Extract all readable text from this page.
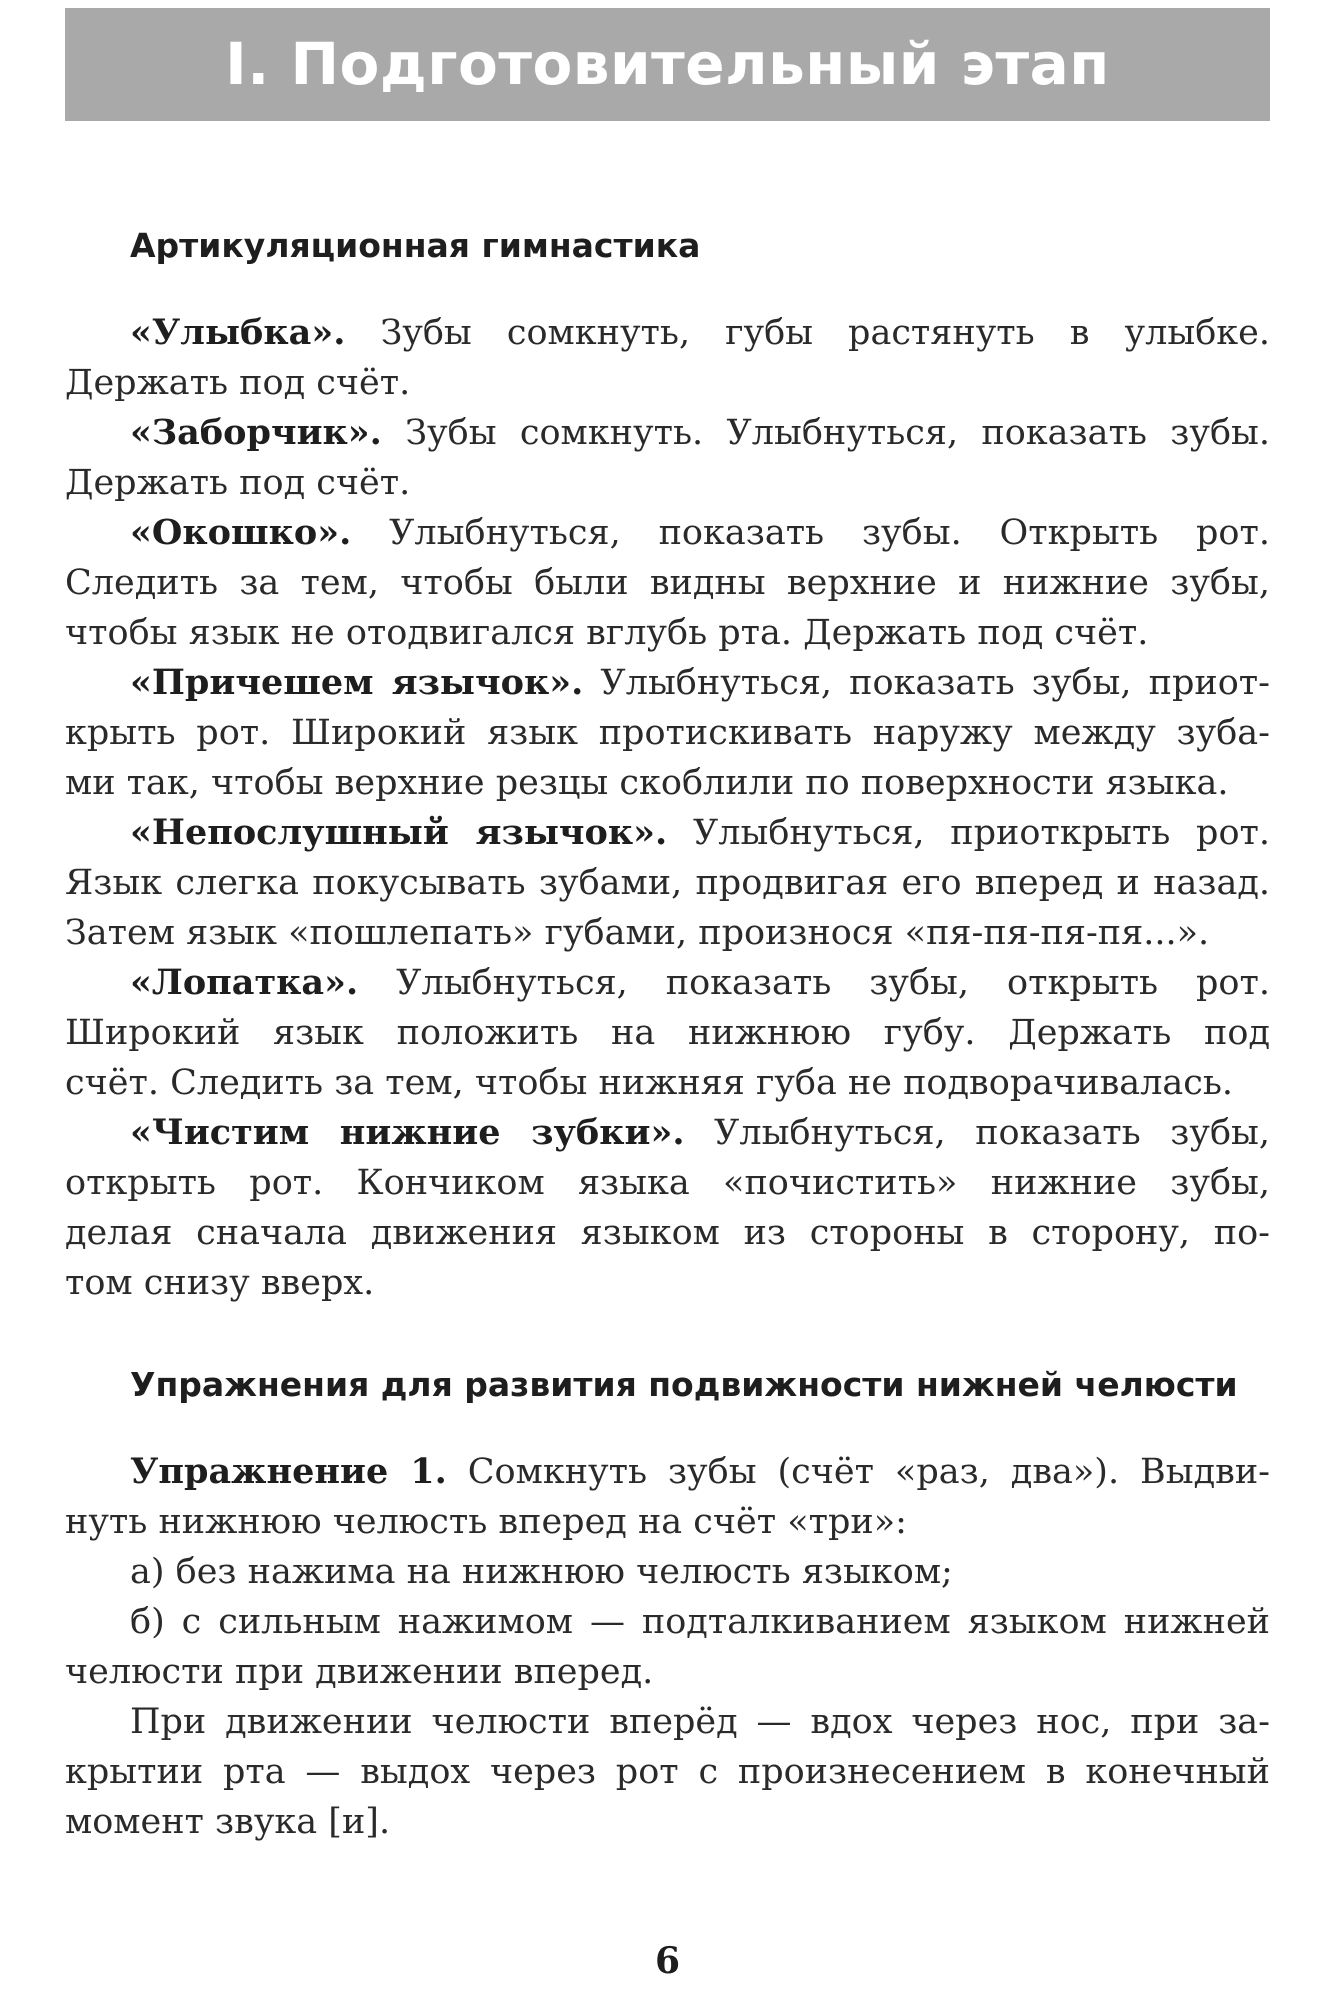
I. Подготовительный этап
Артикуляционная гимнастика
«Улыбка». Зубы сомкнуть, губы растянуть в улыбке.
Держать под счёт.
«Заборчик». Зубы сомкнуть. Улыбнуться, показать зубы.
Держать под счёт.
«Окошко». Улыбнуться, показать зубы. Открыть рот.
Следить за тем, чтобы были видны верхние и нижние зубы,
чтобы язык не отодвигался вглубь рта. Держать под счёт.
«Причешем язычок». Улыбнуться, показать зубы, приот-
крыть рот. Широкий язык протискивать наружу между зуба-
ми так, чтобы верхние резцы скоблили по поверхности языка.
«Непослушный язычок». Улыбнуться, приоткрыть рот.
Язык слегка покусывать зубами, продвигая его вперед и назад.
Затем язык «пошлепать» губами, произнося «пя-пя-пя-пя...».
«Лопатка». Улыбнуться, показать зубы, открыть рот.
Широкий язык положить на нижнюю губу. Держать под
счёт. Следить за тем, чтобы нижняя губа не подворачивалась.
«Чистим нижние зубки». Улыбнуться, показать зубы,
открыть рот. Кончиком языка «почистить» нижние зубы,
делая сначала движения языком из стороны в сторону, по-
том снизу вверх.
Упражнения для развития подвижности нижней челюсти
Упражнение 1. Сомкнуть зубы (счёт «раз, два»). Выдви-
нуть нижнюю челюсть вперед на счёт «три»:
а) без нажима на нижнюю челюсть языком;
б) с сильным нажимом — подталкиванием языком нижней
челюсти при движении вперед.
При движении челюсти вперёд — вдох через нос, при за-
крытии рта — выдох через рот с произнесением в конечный
момент звука [и].
6
